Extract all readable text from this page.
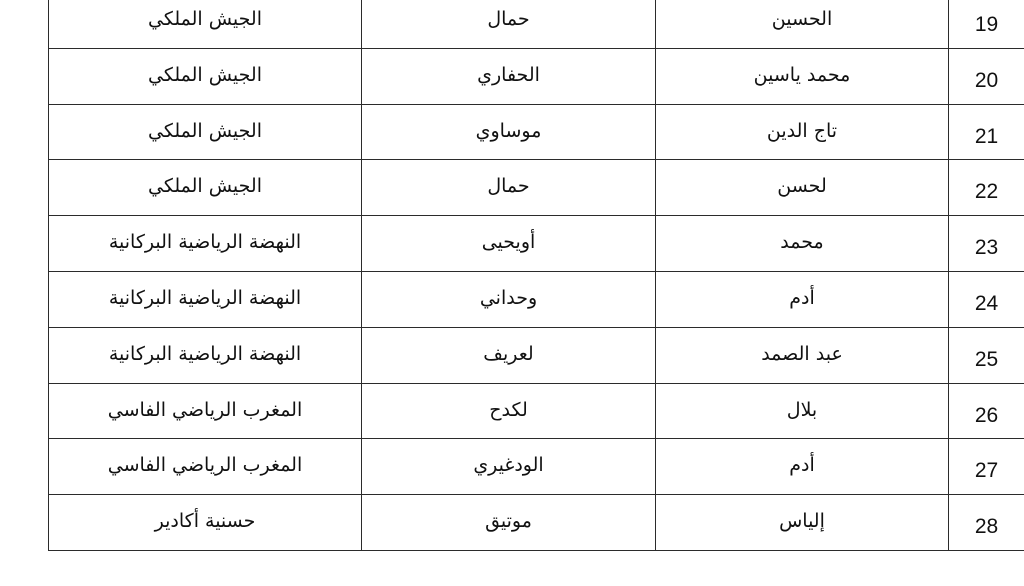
الجيش الملكي	حمال	الحسين	19

الجيش الملكي	الحفاري	محمد ياسين	20

الجيش الملكي	موساوي	تاج الدين	21

الجيش الملكي	حمال	لحسن	22

النهضة الرياضية البركانية	أويحيى	محمد	23

النهضة الرياضية البركانية	وحداني	أدم	24

النهضة الرياضية البركانية	لعريف	عبد الصمد	25

المغرب الرياضي الفاسي	لكدح	بلال	26

المغرب الرياضي الفاسي	الودغيري	أدم	27

حسنية أكادير	موتيق	إلياس	28
